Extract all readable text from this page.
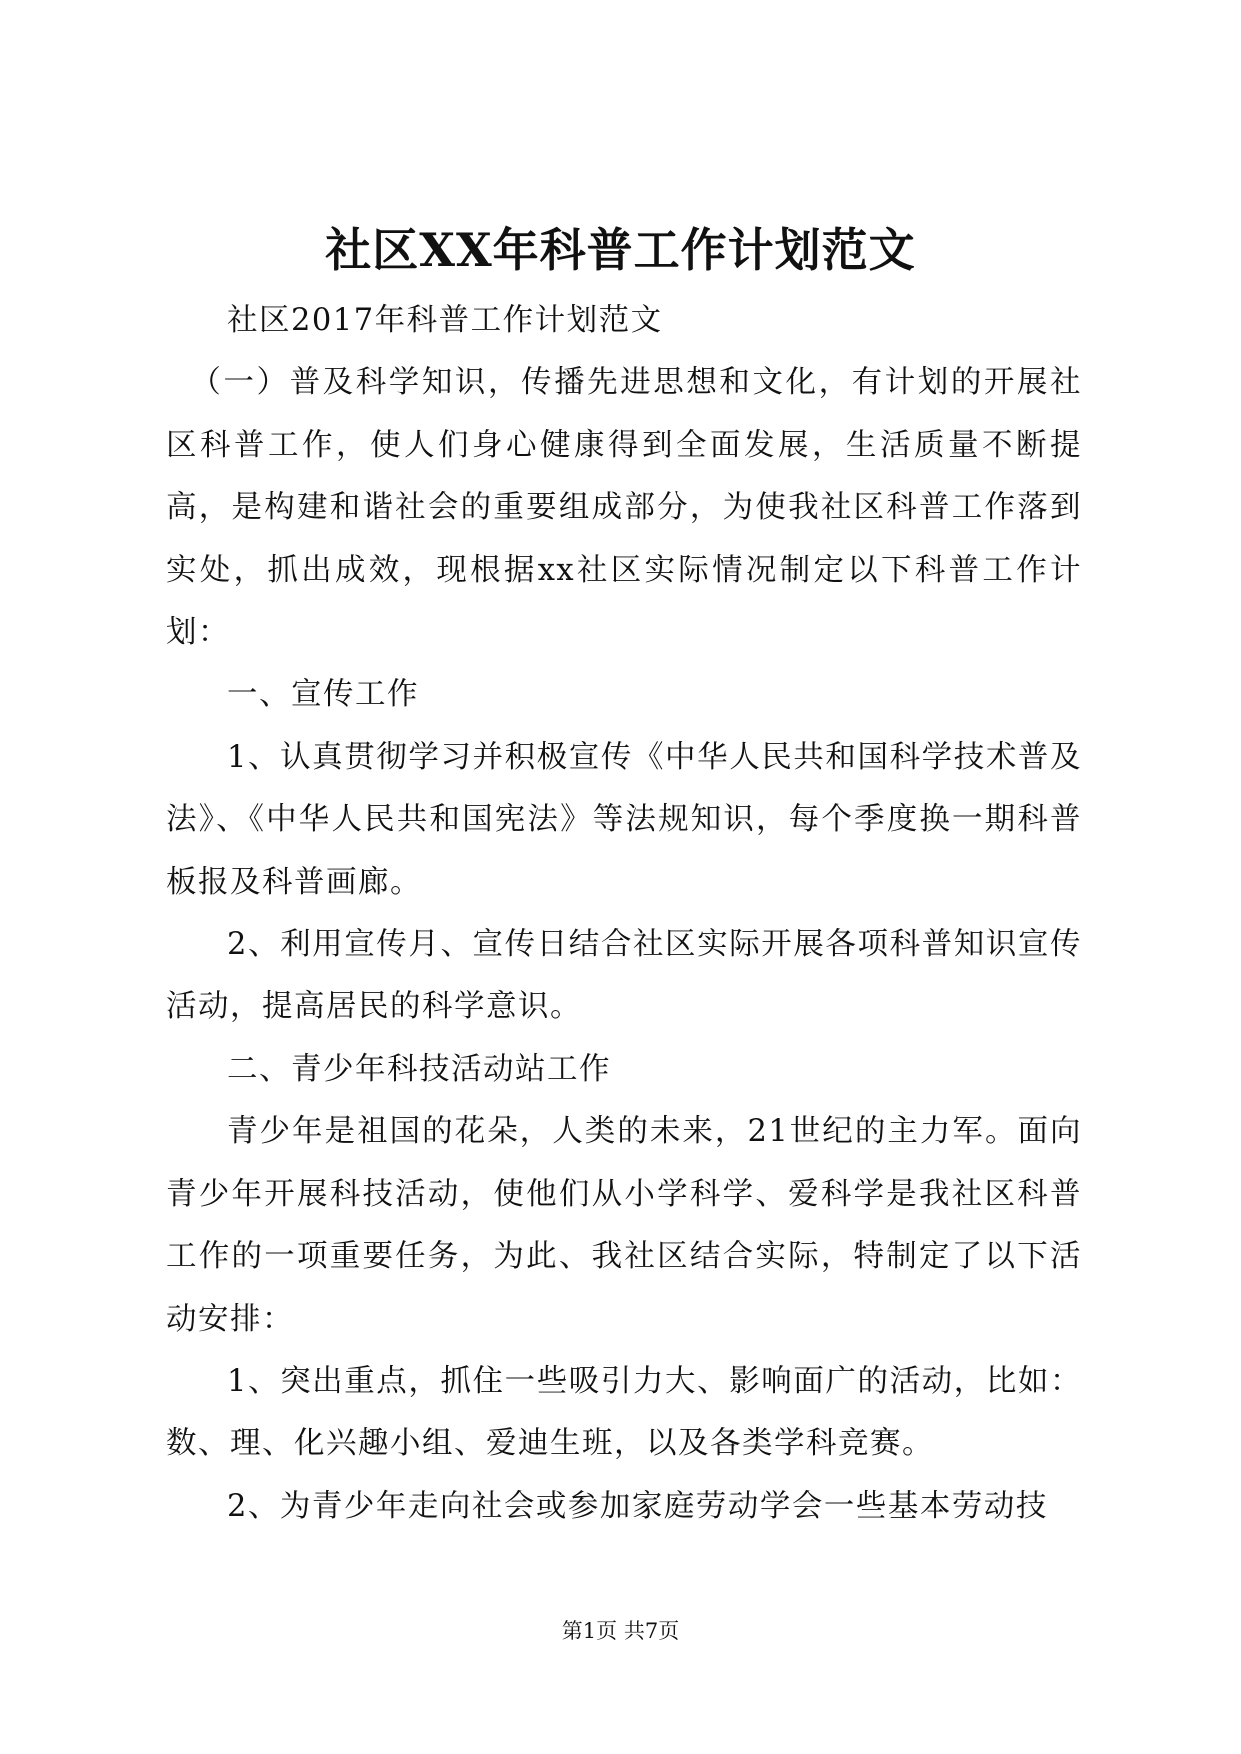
社区XX年科普工作计划范文

社区2017年科普工作计划范文

（一）普及科学知识，传播先进思想和文化，有计划的开展社区科普工作，使人们身心健康得到全面发展，生活质量不断提高，是构建和谐社会的重要组成部分，为使我社区科普工作落到实处，抓出成效，现根据xx社区实际情况制定以下科普工作计划：

一、宣传工作

1、认真贯彻学习并积极宣传《中华人民共和国科学技术普及法》、《中华人民共和国宪法》等法规知识，每个季度换一期科普板报及科普画廊。

2、利用宣传月、宣传日结合社区实际开展各项科普知识宣传活动，提高居民的科学意识。

二、青少年科技活动站工作

青少年是祖国的花朵，人类的未来，21世纪的主力军。面向青少年开展科技活动，使他们从小学科学、爱科学是我社区科普工作的一项重要任务，为此、我社区结合实际，特制定了以下活动安排：

1、突出重点，抓住一些吸引力大、影响面广的活动，比如：数、理、化兴趣小组、爱迪生班，以及各类学科竞赛。

2、为青少年走向社会或参加家庭劳动学会一些基本劳动技

第1页 共7页
